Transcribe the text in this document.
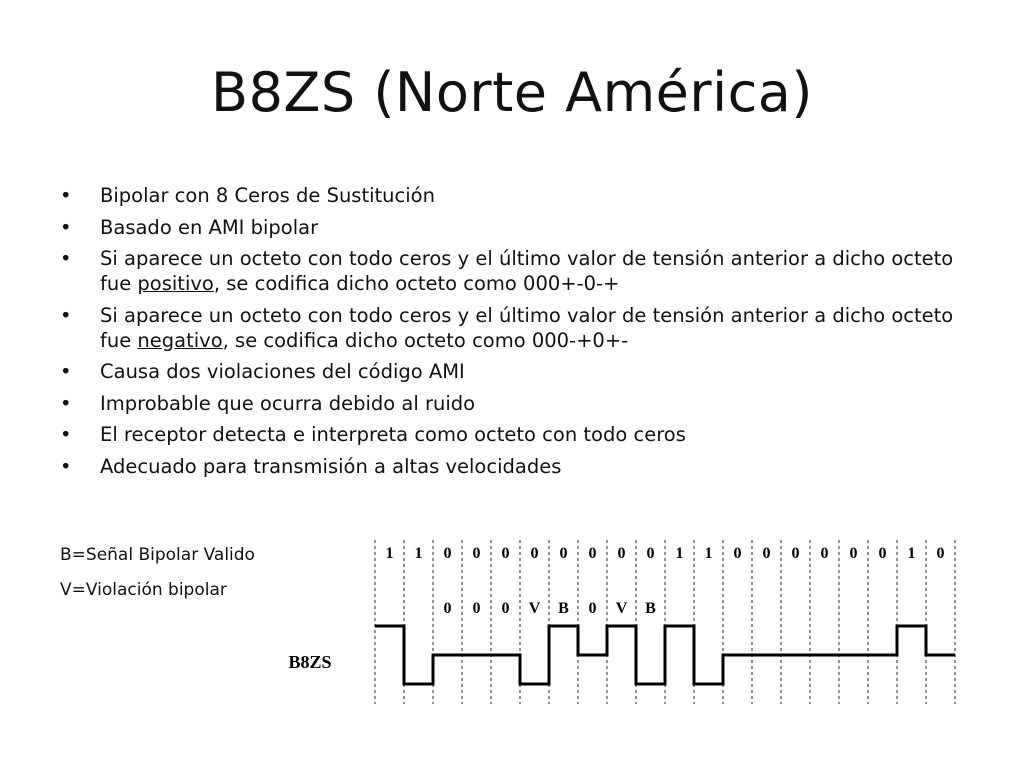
B8ZS (Norte América)
• Bipolar con 8 Ceros de Sustitución
• Basado en AMI bipolar
• Si aparece un octeto con todo ceros y el último valor de tensión anterior a dicho octeto fue positivo, se codifica dicho octeto como 000+-0-+
• Si aparece un octeto con todo ceros y el último valor de tensión anterior a dicho octeto fue negativo, se codifica dicho octeto como 000-+0+-
• Causa dos violaciones del código AMI
• Improbable que ocurra debido al ruido
• El receptor detecta e interpreta como octeto con todo ceros
• Adecuado para transmisión a altas velocidades
B=Señal Bipolar Valido
V=Violación bipolar
1 1 0 0 0 0 0 0 0 0 1 1 0 0 0 0 0 0 1 0
0 0 0 V B 0 V B
B8ZS
